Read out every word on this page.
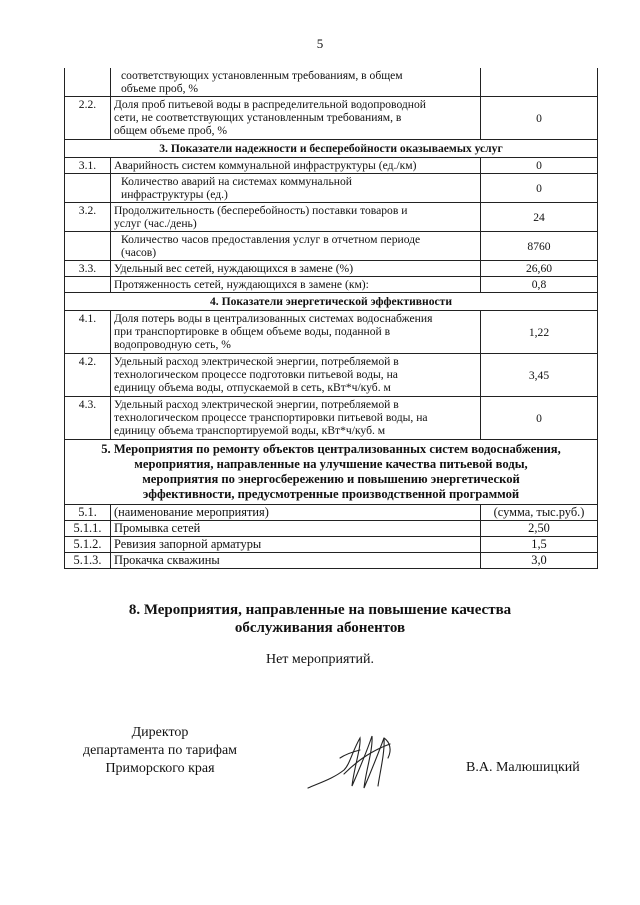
5

	соответствующих установленным требованиям, в общем
объеме проб, %	

2.2.	Доля проб питьевой воды в распределительной водопроводной
сети, не соответствующих установленным требованиям, в
общем объеме проб, %	0
3. Показатели надежности и бесперебойности оказываемых услуг		
3.1.	Аварийность систем коммунальной инфраструктуры (ед./км)	0

	Количество аварий на системах коммунальной
инфраструктуры (ед.)	0
3.2.	Продолжительность (бесперебойность) поставки товаров и
услуг (час./день)	24

	Количество часов предоставления услуг в отчетном периоде
(часов)	8760
3.3.	Удельный вес сетей, нуждающихся в замене (%)	26,60
	Протяженность сетей, нуждающихся в замене (км):	0,8
4. Показатели энергетической эффективности		
4.1.	Доля потерь воды в централизованных системах водоснабжения
при транспортировке в общем объеме воды, поданной в
водопроводную сеть, %	1,22
4.2.	Удельный расход электрической энергии, потребляемой в
технологическом процессе подготовки питьевой воды, на
единицу объема воды, отпускаемой в сеть, кВт*ч/куб. м	3,45
4.3.	Удельный расход электрической энергии, потребляемой в
технологическом процессе транспортировки питьевой воды, на
единицу объема транспортируемой воды, кВт*ч/куб. м	0

5. Мероприятия по ремонту объектов централизованных систем водоснабжения,
мероприятия, направленные на улучшение качества питьевой воды,
мероприятия по энергосбережению и повышению энергетической
эффективности, предусмотренные производственной программой		

5.1.	(наименование мероприятия)	(сумма, тыс.руб.)
5.1.1.	Промывка сетей	2,50
5.1.2.	Ревизия запорной арматуры	1,5
5.1.3.	Прокачка скважины	3,0
8. Мероприятия, направленные на повышение качества
обслуживания абонентов
Нет мероприятий.
Директор
департамента по тарифам
Приморского края	В.А. Малюшицкий
